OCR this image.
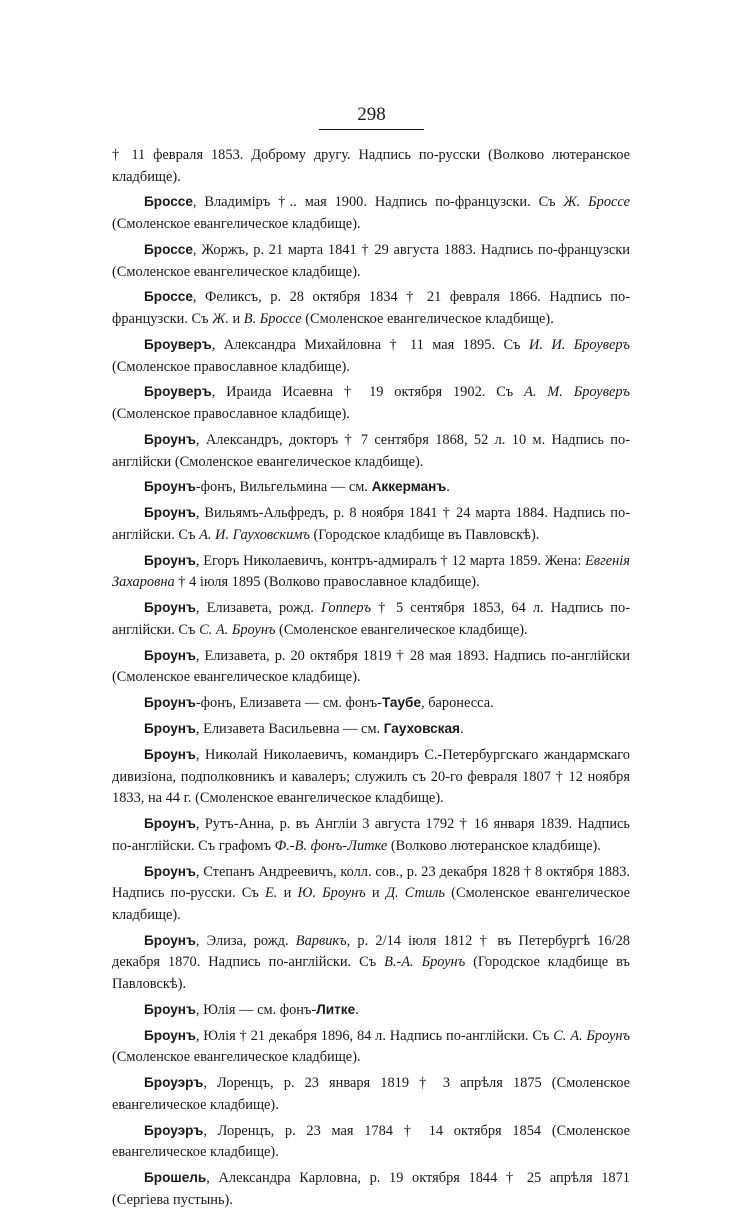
298

† 11 февраля 1853. Доброму другу. Надпись по-русски (Волково лютеранское кладбище).

Броссе, Владимiръ †.. мая 1900. Надпись по-французски. Съ Ж. Броссе (Смоленское евангелическое кладбище).

Броссе, Жоржъ, р. 21 марта 1841 † 29 августа 1883. Надпись по-французски (Смоленское евангелическое кладбище).

Броссе, Феликсъ, р. 28 октября 1834 † 21 февраля 1866. Надпись по-французски. Съ Ж. и В. Броссе (Смоленское евангелическое кладбище).

Броуверъ, Александра Михайловна † 11 мая 1895. Съ И. И. Броуверъ (Смоленское православное кладбище).

Броуверъ, Ираида Исаевна † 19 октября 1902. Съ А. М. Броуверъ (Смоленское православное кладбище).

Броунъ, Александръ, докторъ † 7 сентября 1868, 52 л. 10 м. Надпись по-англiйски (Смоленское евангелическое кладбище).

Броунъ-фонъ, Вильгельмина — см. Аккерманъ.

Броунъ, Вильямъ-Альфредъ, р. 8 ноября 1841 † 24 марта 1884. Надпись по-англiйски. Съ А. И. Гауховскимъ (Городское кладбище въ Павловскѣ).

Броунъ, Егоръ Николаевичъ, контръ-адмиралъ † 12 марта 1859. Жена: Евгенiя Захаровна † 4 iюля 1895 (Волково православное кладбище).

Броунъ, Елизавета, рожд. Гопперъ † 5 сентября 1853, 64 л. Надпись по-англiйски. Съ С. А. Броунъ (Смоленское евангелическое кладбище).

Броунъ, Елизавета, р. 20 октября 1819 † 28 мая 1893. Надпись по-англiйски (Смоленское евангелическое кладбище).

Броунъ-фонъ, Елизавета — см. фонъ-Таубе, баронесса.

Броунъ, Елизавета Васильевна — см. Гауховская.

Броунъ, Николай Николаевичъ, командиръ С.-Петербургскаго жандармскаго дивизiона, подполковникъ и кавалеръ; служилъ съ 20-го февраля 1807 † 12 ноября 1833, на 44 г. (Смоленское евангелическое кладбище).

Броунъ, Рутъ-Анна, р. въ Англiи 3 августа 1792 † 16 января 1839. Надпись по-англiйски. Съ графомъ Ф.-В. фонъ-Литке (Волково лютеранское кладбище).

Броунъ, Степанъ Андреевичъ, колл. сов., р. 23 декабря 1828 † 8 октября 1883. Надпись по-русски. Съ Е. и Ю. Броунъ и Д. Стиль (Смоленское евангелическое кладбище).

Броунъ, Элиза, рожд. Варвикъ, р. 2/14 iюля 1812 † въ Петербургѣ 16/28 декабря 1870. Надпись по-англiйски. Съ В.-А. Броунъ (Городское кладбище въ Павловскѣ).

Броунъ, Юлiя — см. фонъ-Литке.

Броунъ, Юлiя † 21 декабря 1896, 84 л. Надпись по-англiйски. Съ С. А. Броунъ (Смоленское евангелическое кладбище).

Броуэръ, Лоренцъ, р. 23 января 1819 † 3 апрѣля 1875 (Смоленское евангелическое кладбище).

Броуэръ, Лоренцъ, р. 23 мая 1784 † 14 октября 1854 (Смоленское евангелическое кладбище).

Брошель, Александра Карловна, р. 19 октября 1844 † 25 апрѣля 1871 (Сергiева пустынь).
